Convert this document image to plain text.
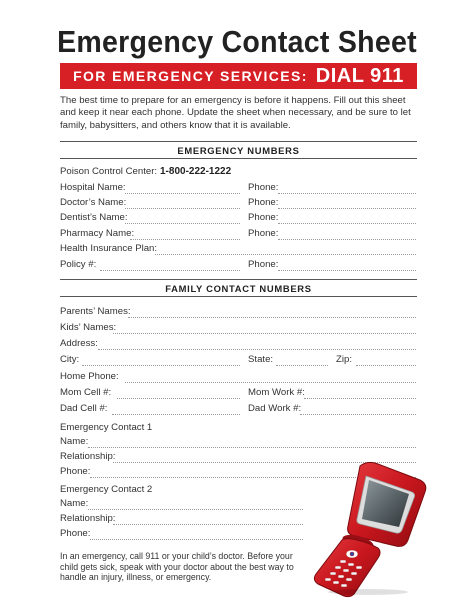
Emergency Contact Sheet
FOR EMERGENCY SERVICES: DIAL 911
The best time to prepare for an emergency is before it happens. Fill out this sheet and keep it near each phone. Update the sheet when necessary, and be sure to let family, babysitters, and others know that it is available.
EMERGENCY NUMBERS
Poison Control Center: 1-800-222-1222
Hospital Name:	Phone:
Doctor’s Name:	Phone:
Dentist’s Name:	Phone:
Pharmacy Name:	Phone:
Health Insurance Plan:
Policy #:	Phone:
FAMILY CONTACT NUMBERS
Parents’ Names:
Kids’ Names:
Address:
City:	State:	Zip:
Home Phone:
Mom Cell #:	Mom Work #:
Dad Cell #:	Dad Work #:
Emergency Contact 1
Name:
Relationship:
Phone:
Emergency Contact 2
Name:
Relationship:
Phone:
In an emergency, call 911 or your child’s doctor. Before your child gets sick, speak with your doctor about the best way to handle an injury, illness, or emergency.
